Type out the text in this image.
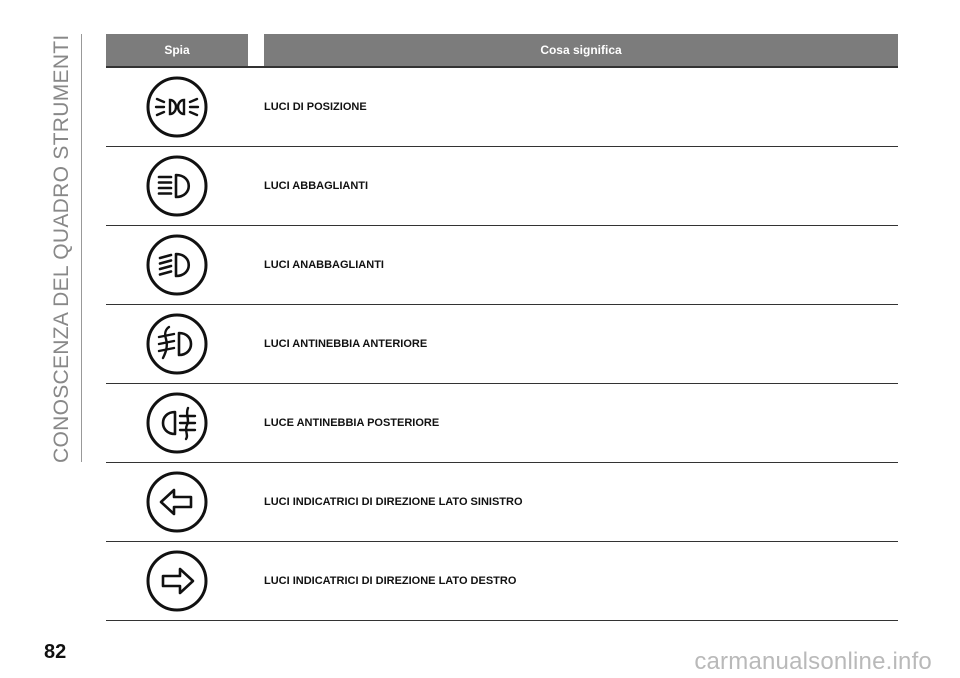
CONOSCENZA DEL QUADRO STRUMENTI	Spia	Cosa significa
LUCI DI POSIZIONE
LUCI ABBAGLIANTI
LUCI ANABBAGLIANTI
LUCI ANTINEBBIA ANTERIORE
LUCE ANTINEBBIA POSTERIORE
LUCI INDICATRICI DI DIREZIONE LATO SINISTRO
LUCI INDICATRICI DI DIREZIONE LATO DESTRO
82	carmanualsonline.info
